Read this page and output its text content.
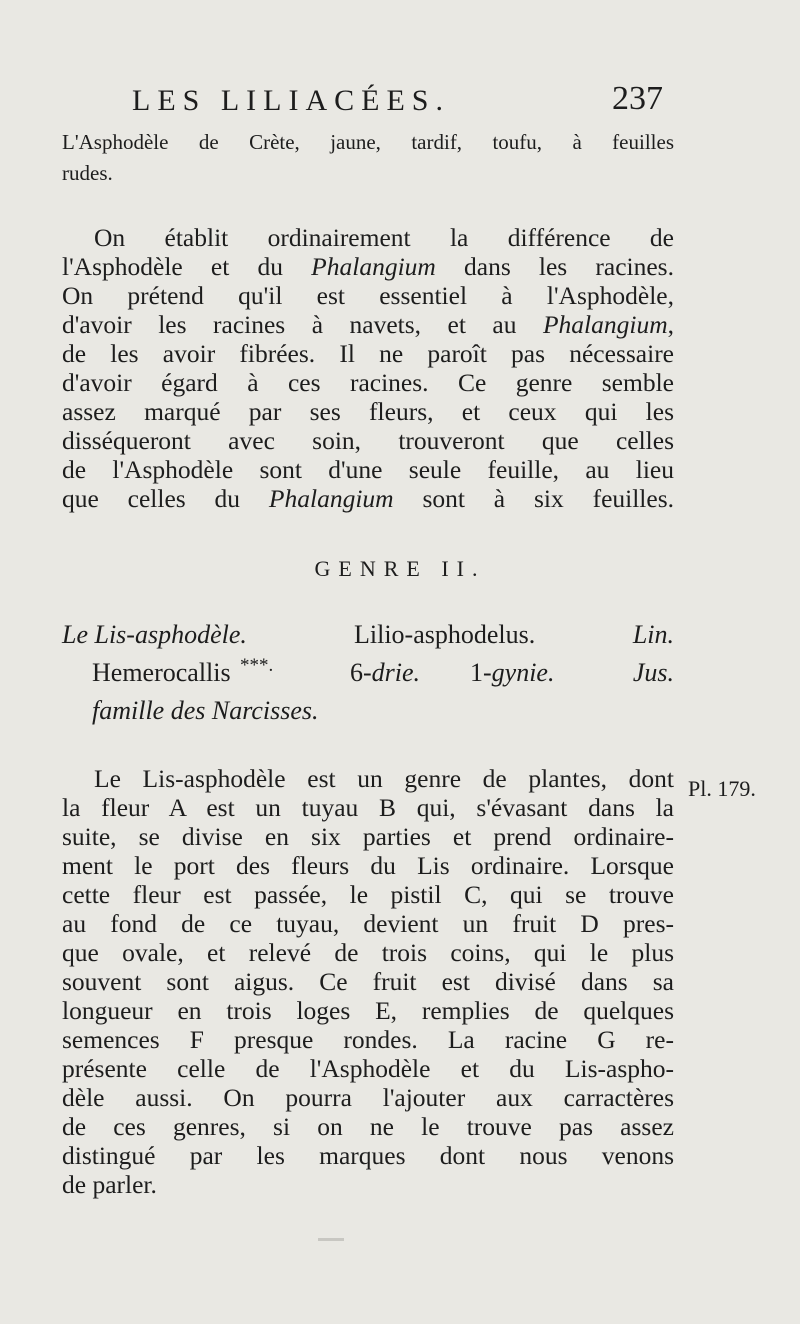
LES LILIACÉES.	237
L'Asphodèle de Crète, jaune, tardif, toufu, à feuilles
rudes.
On établit ordinairement la différence de
l'Asphodèle et du Phalangium dans les racines.
On prétend qu'il est essentiel à l'Asphodèle,
d'avoir les racines à navets, et au Phalangium,
de les avoir fibrées. Il ne paroît pas nécessaire
d'avoir égard à ces racines. Ce genre semble
assez marqué par ses fleurs, et ceux qui les
disséqueront avec soin, trouveront que celles
de l'Asphodèle sont d'une seule feuille, au lieu
que celles du Phalangium sont à six feuilles.
GENRE II.
Le Lis-asphodèle.	Lilio-asphodelus.	Lin.
Hemerocallis ***.	6-drie. 1-gynie.	Jus.
famille des Narcisses.
Le Lis-asphodèle est un genre de plantes, dont
la fleur A est un tuyau B qui, s'évasant dans la
suite, se divise en six parties et prend ordinaire-
ment le port des fleurs du Lis ordinaire. Lorsque
cette fleur est passée, le pistil C, qui se trouve
au fond de ce tuyau, devient un fruit D pres-
que ovale, et relevé de trois coins, qui le plus
souvent sont aigus. Ce fruit est divisé dans sa
longueur en trois loges E, remplies de quelques
semences F presque rondes. La racine G re-
présente celle de l'Asphodèle et du Lis-aspho-
dèle aussi. On pourra l'ajouter aux carractères
de ces genres, si on ne le trouve pas assez
distingué par les marques dont nous venons
de parler.
Pl. 179.
